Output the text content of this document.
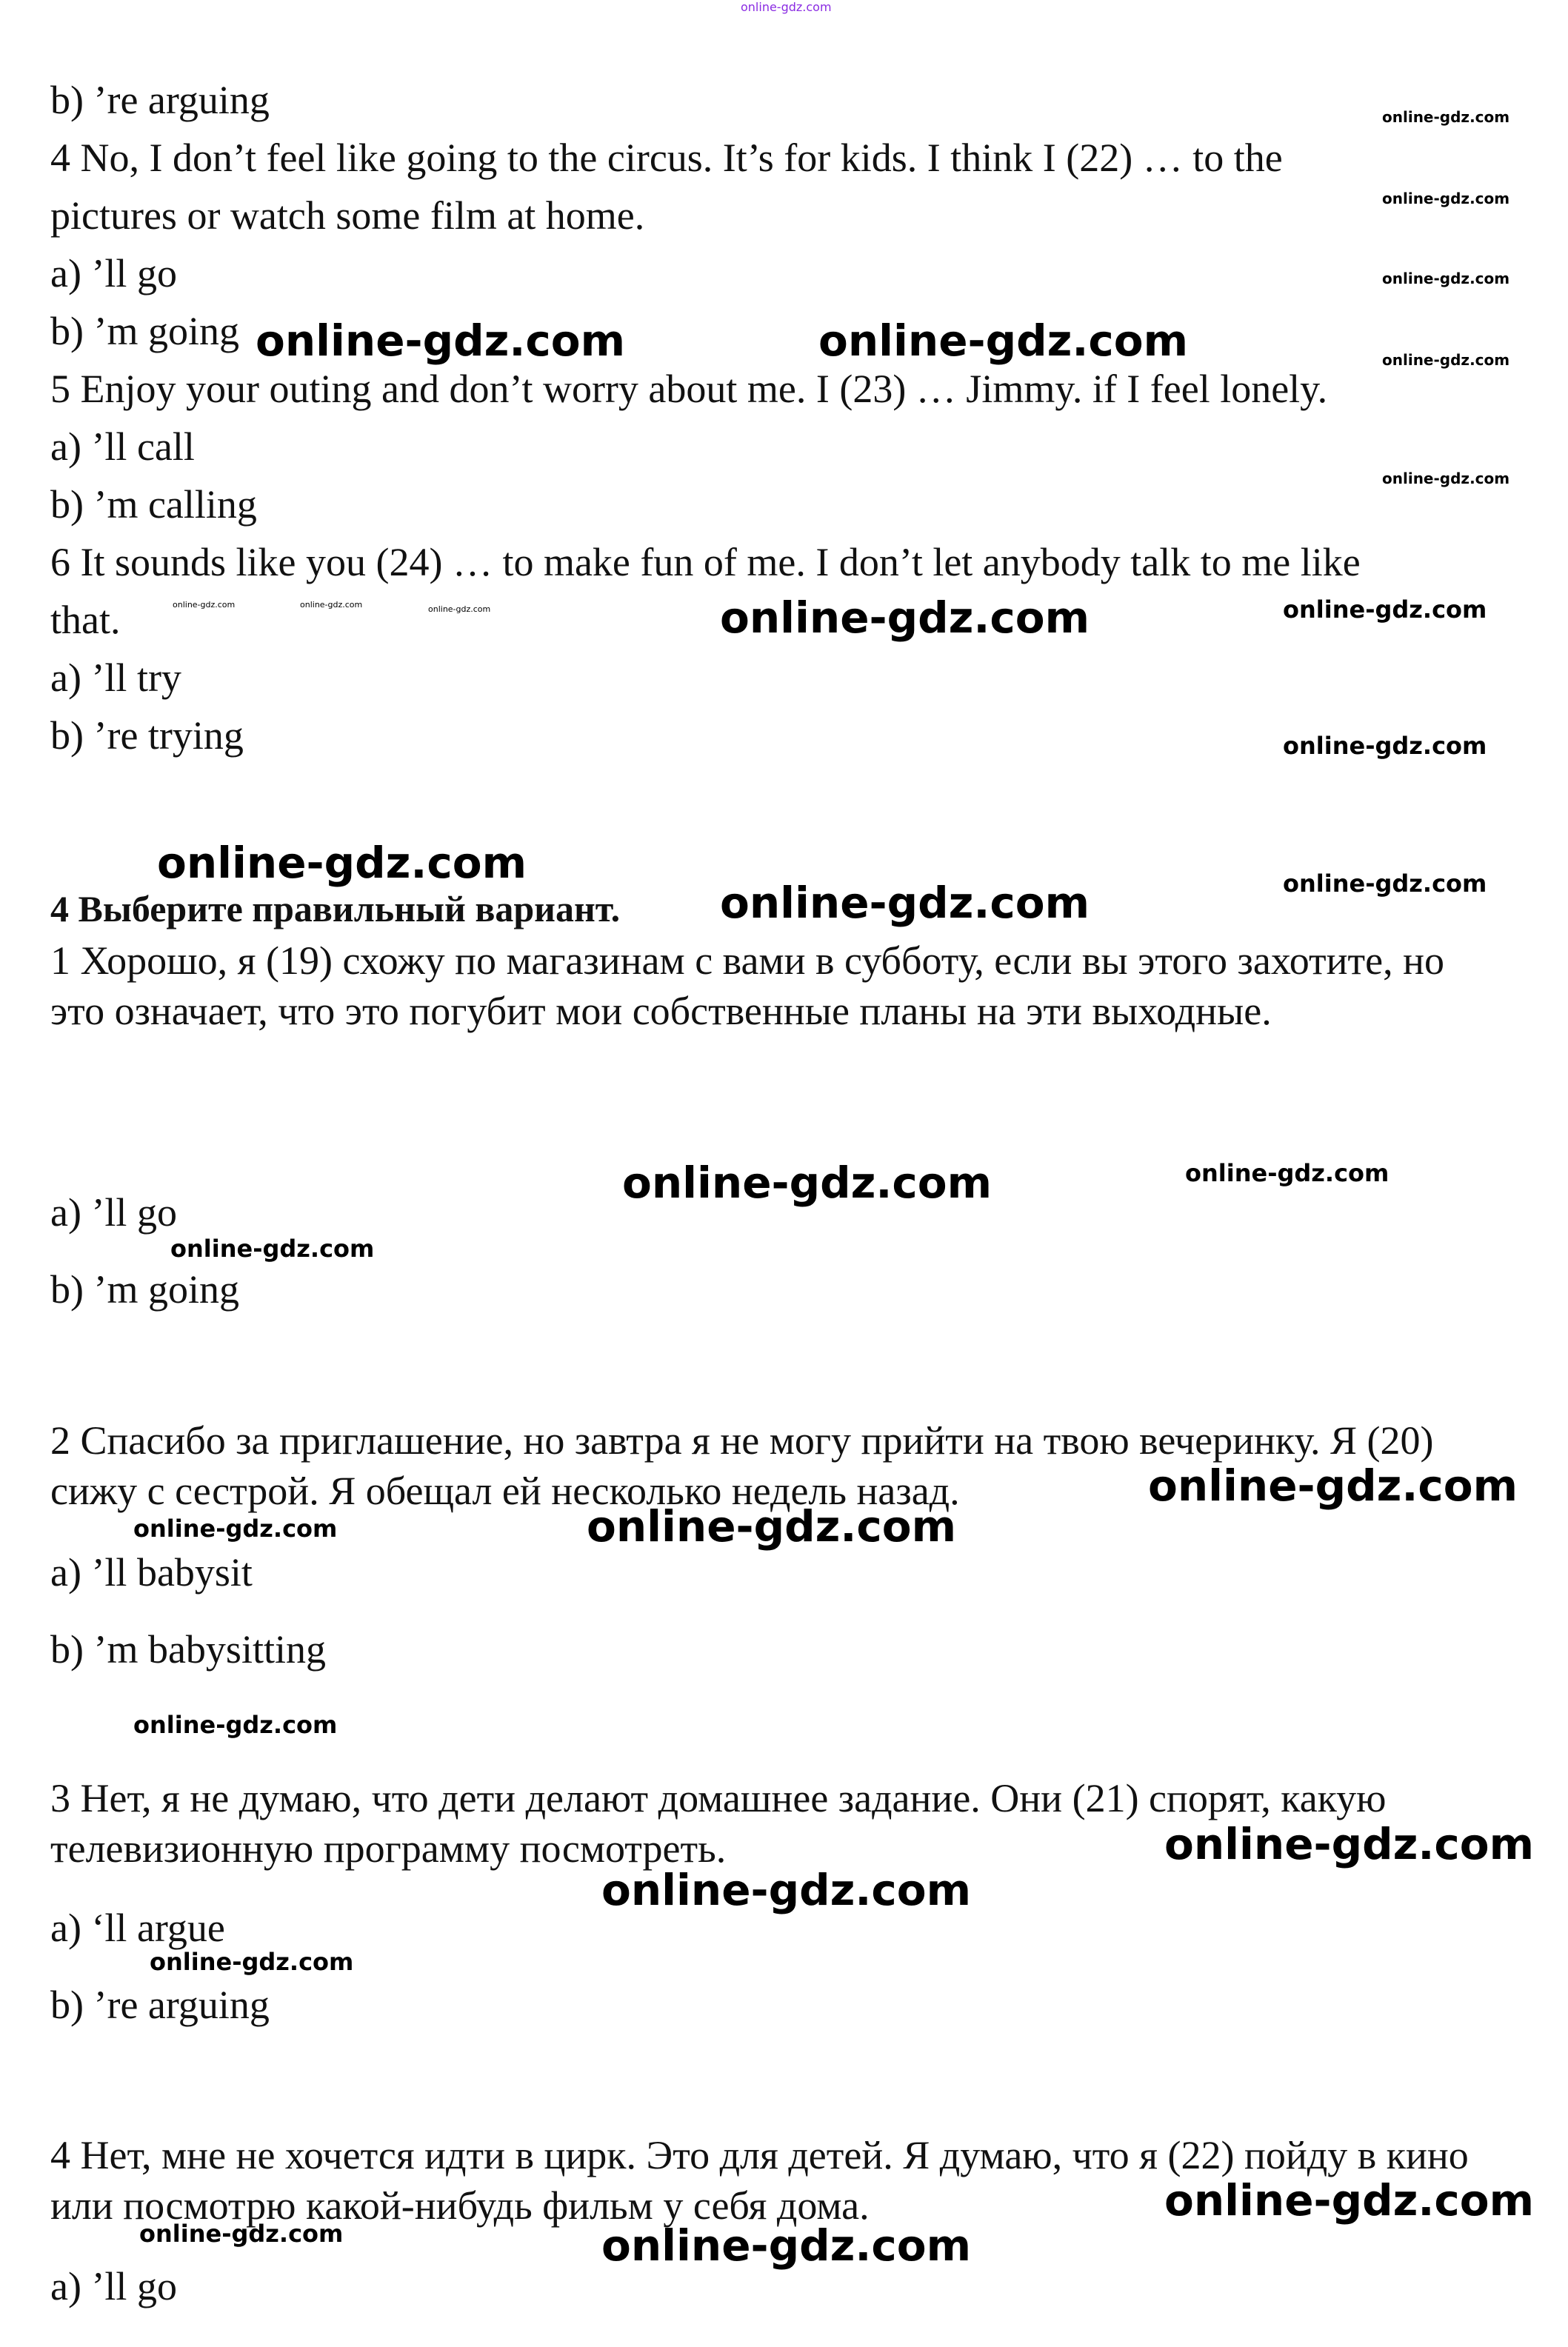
online-gdz.com
b) ’re arguing
4 No, I don’t feel like going to the circus. It’s for kids. I think I (22) … to the
pictures or watch some film at home.
a) ’ll go
b) ’m going
5 Enjoy your outing and don’t worry about me. I (23) … Jimmy. if I feel lonely.
a) ’ll call
b) ’m calling
6 It sounds like you (24) … to make fun of me. I don’t let anybody talk to me like
that.
a) ’ll try
b) ’re trying
4 Выберите правильный вариант.
1 Хорошо, я (19) схожу по магазинам с вами в субботу, если вы этого захотите, но это означает, что это погубит мои собственные планы на эти выходные.
a) ’ll go
b) ’m going
2 Спасибо за приглашение, но завтра я не могу прийти на твою вечеринку. Я (20) сижу с сестрой. Я обещал ей несколько недель назад.
a) ’ll babysit
b) ’m babysitting
3 Нет, я не думаю, что дети делают домашнее задание. Они (21) спорят, какую телевизионную программу посмотреть.
a) ‘ll argue
b) ’re arguing
4 Нет, мне не хочется идти в цирк. Это для детей. Я думаю, что я (22) пойду в кино или посмотрю какой-нибудь фильм у себя дома.
a) ’ll go
online-gdz.com
online-gdz.com
online-gdz.com
online-gdz.com
online-gdz.com
online-gdz.com	online-gdz.com
online-gdz.com	online-gdz.com	online-gdz.com	online-gdz.com	online-gdz.com
online-gdz.com
online-gdz.com	online-gdz.com
online-gdz.com
online-gdz.com	online-gdz.com
online-gdz.com
online-gdz.com
online-gdz.com	online-gdz.com
online-gdz.com
online-gdz.com
online-gdz.com
online-gdz.com
online-gdz.com
online-gdz.com	online-gdz.com
